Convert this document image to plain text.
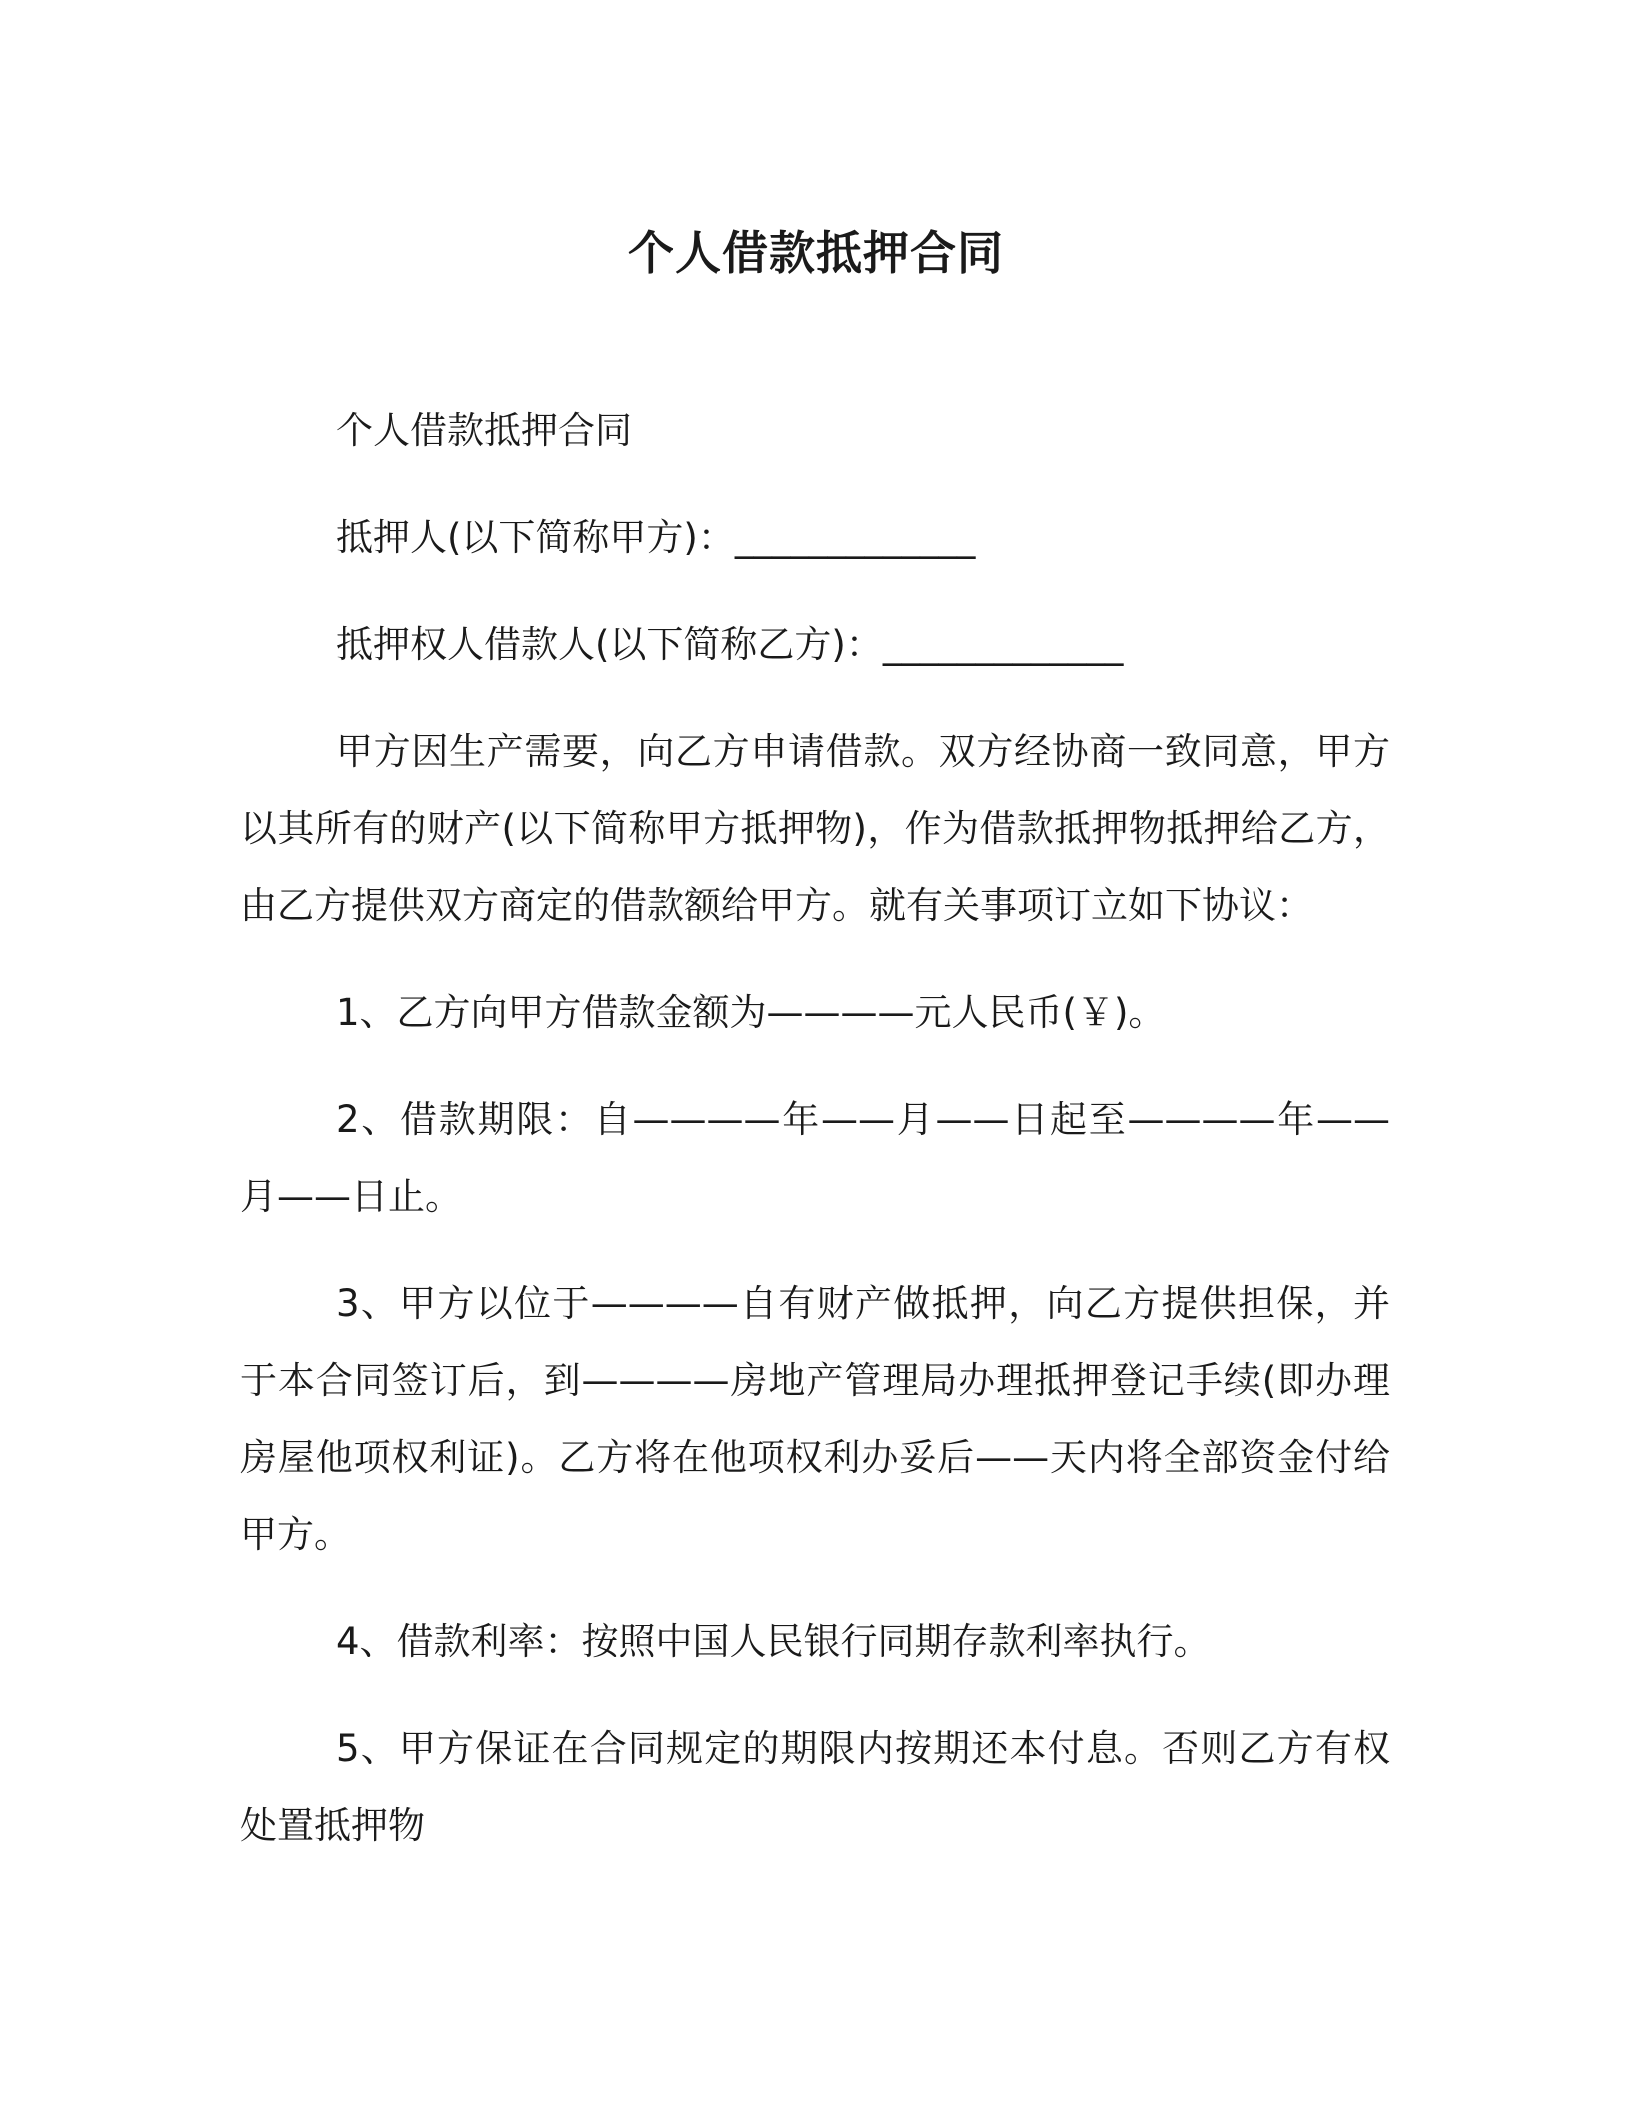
个人借款抵押合同

个人借款抵押合同

抵押人(以下简称甲方)：_____________

抵押权人借款人(以下简称乙方)：_____________

甲方因生产需要，向乙方申请借款。双方经协商一致同意，甲方以其所有的财产(以下简称甲方抵押物)，作为借款抵押物抵押给乙方，由乙方提供双方商定的借款额给甲方。就有关事项订立如下协议：

1、乙方向甲方借款金额为————元人民币(￥)。

2、借款期限：自————年——月——日起至————年——月——日止。

3、甲方以位于————自有财产做抵押，向乙方提供担保，并于本合同签订后，到————房地产管理局办理抵押登记手续(即办理房屋他项权利证)。乙方将在他项权利办妥后——天内将全部资金付给甲方。

4、借款利率：按照中国人民银行同期存款利率执行。

5、甲方保证在合同规定的期限内按期还本付息。否则乙方有权处置抵押物
